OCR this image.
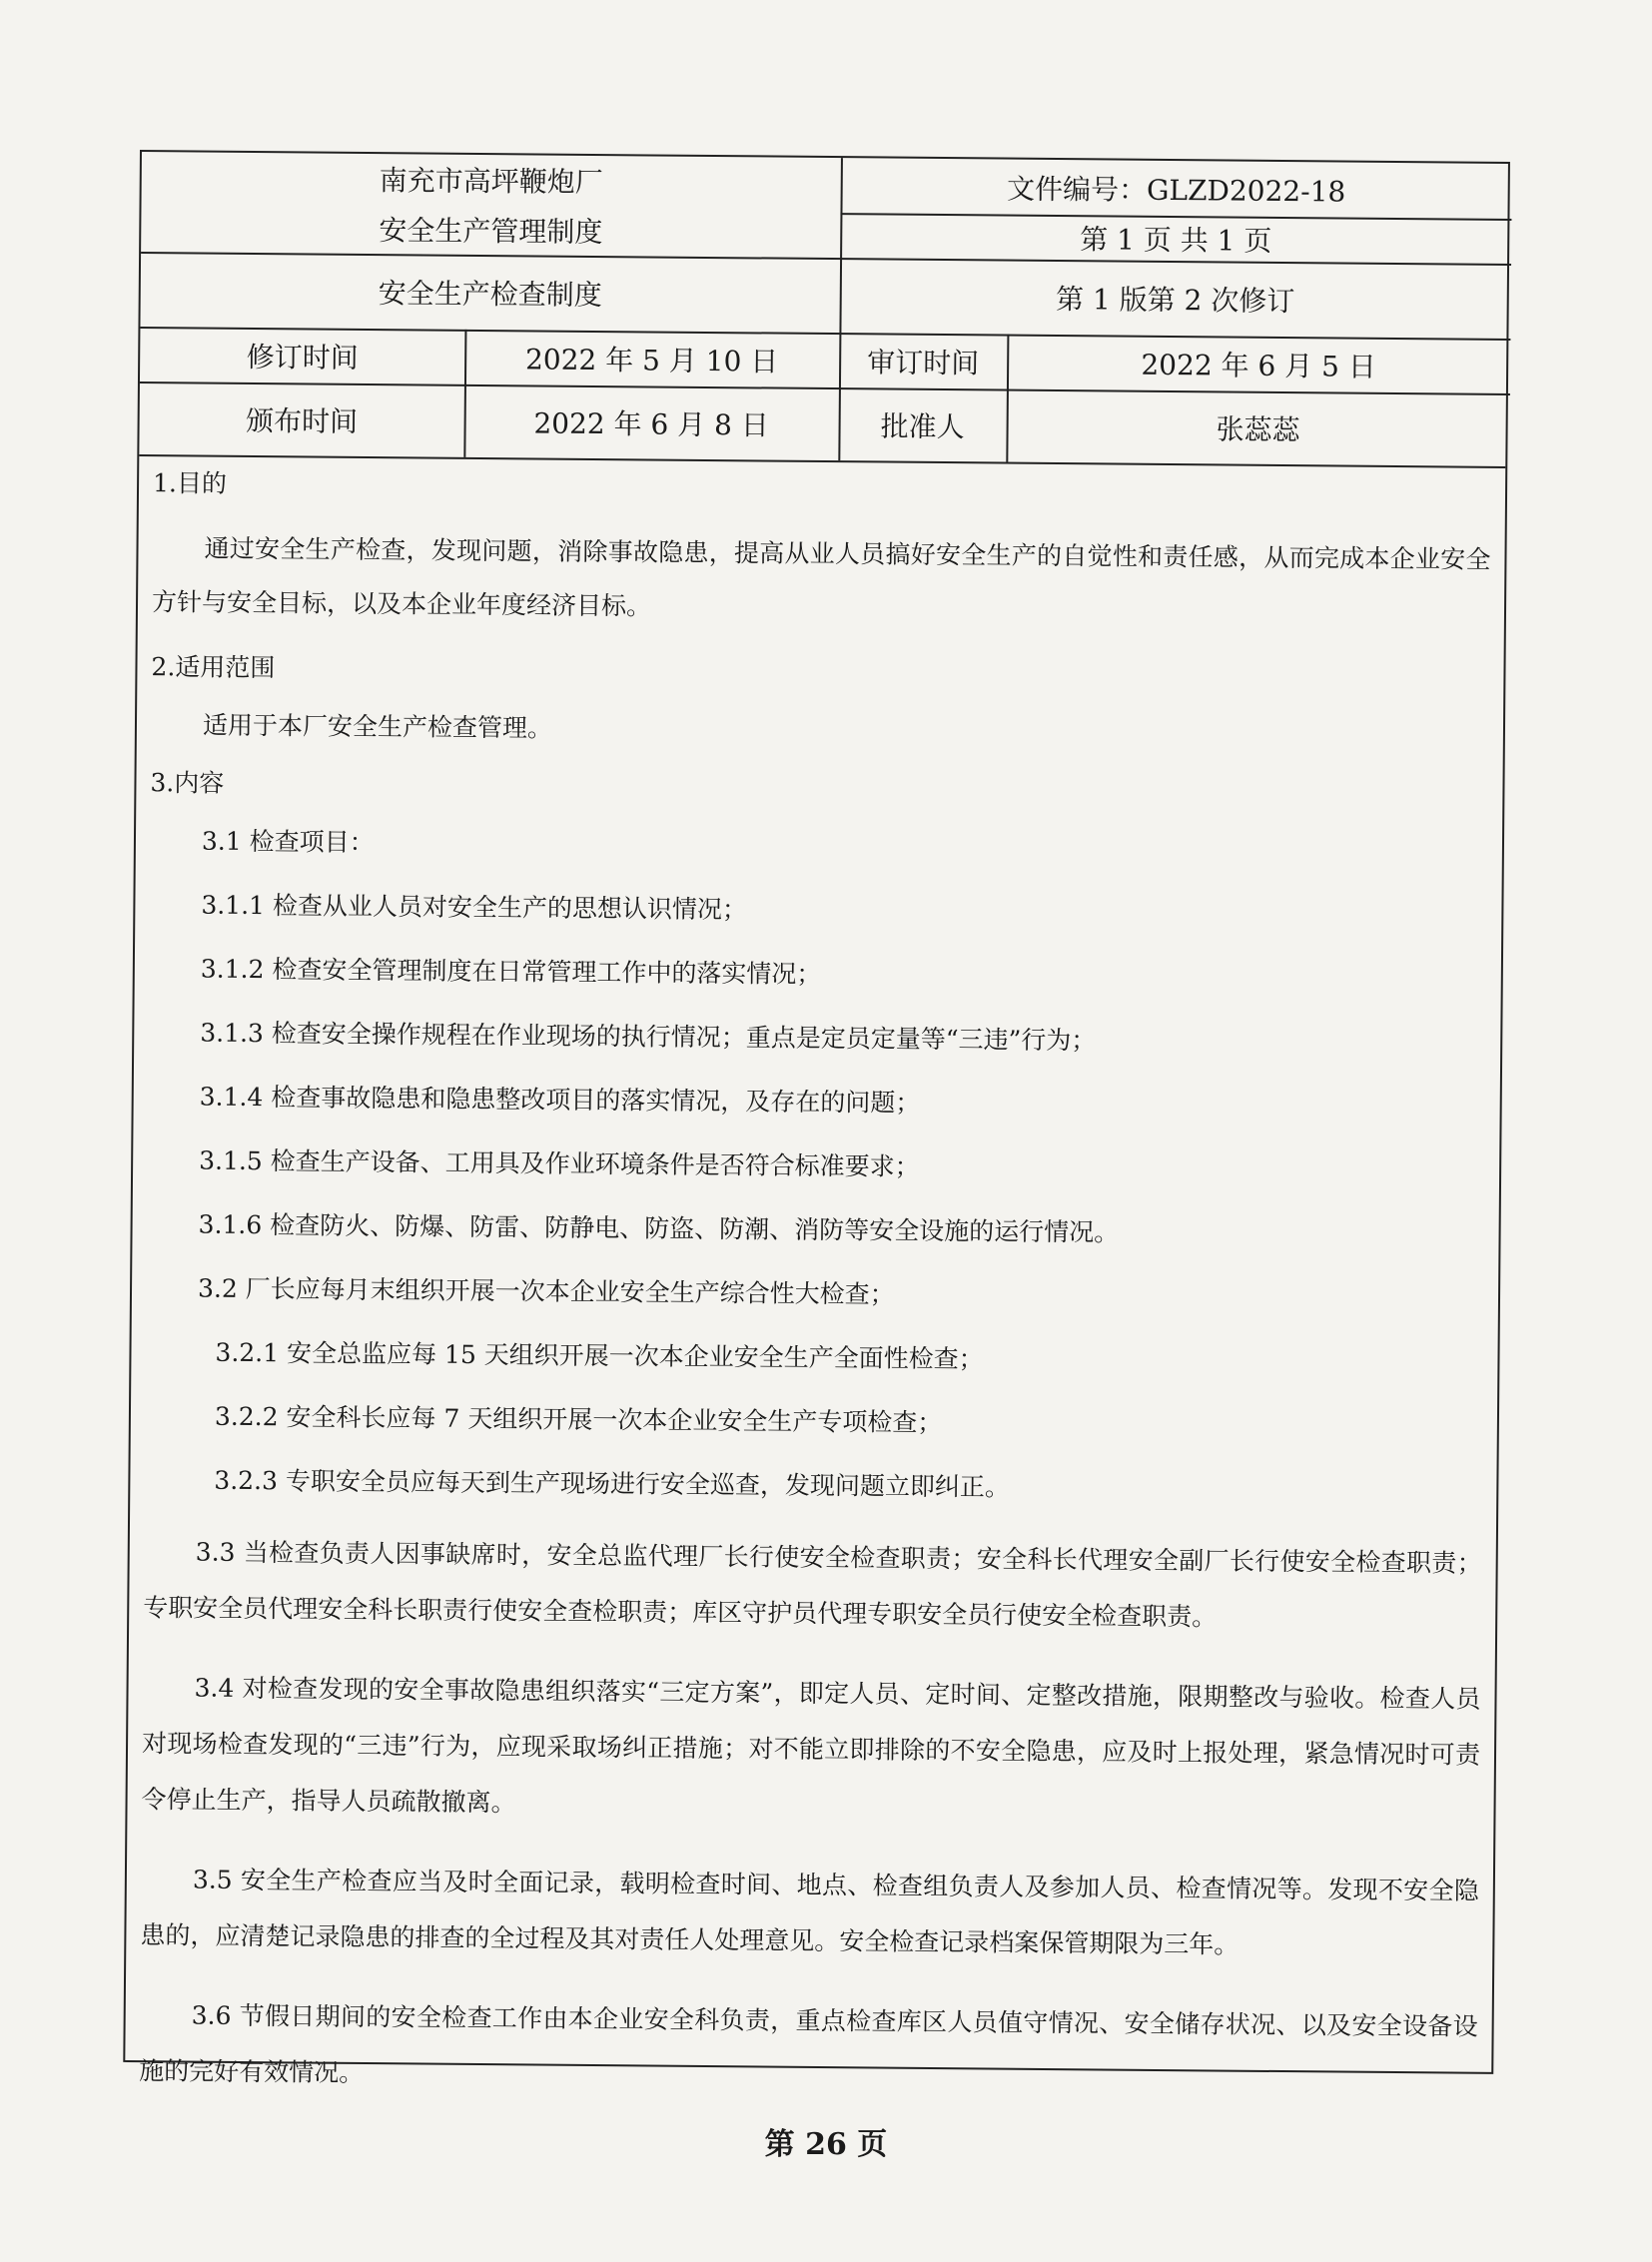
南充市高坪鞭炮厂
安全生产管理制度
文件编号：GLZD2022-18
第 1 页 共 1 页
安全生产检查制度	第 1 版第 2 次修订
修订时间	2022 年 5 月 10 日	审订时间	2022 年 6 月 5 日
颁布时间	2022 年 6 月 8 日	批准人	张蕊蕊
1.目的
通过安全生产检查，发现问题，消除事故隐患，提高从业人员搞好安全生产的自觉性和责任感，从而完成本企业安全方针与安全目标，以及本企业年度经济目标。
2.适用范围
适用于本厂安全生产检查管理。
3.内容
3.1 检查项目：
3.1.1 检查从业人员对安全生产的思想认识情况；
3.1.2 检查安全管理制度在日常管理工作中的落实情况；
3.1.3 检查安全操作规程在作业现场的执行情况；重点是定员定量等“三违”行为；
3.1.4 检查事故隐患和隐患整改项目的落实情况，及存在的问题；
3.1.5 检查生产设备、工用具及作业环境条件是否符合标准要求；
3.1.6 检查防火、防爆、防雷、防静电、防盗、防潮、消防等安全设施的运行情况。
3.2 厂长应每月末组织开展一次本企业安全生产综合性大检查；
3.2.1 安全总监应每 15 天组织开展一次本企业安全生产全面性检查；
3.2.2 安全科长应每 7 天组织开展一次本企业安全生产专项检查；
3.2.3 专职安全员应每天到生产现场进行安全巡查，发现问题立即纠正。
3.3 当检查负责人因事缺席时，安全总监代理厂长行使安全检查职责；安全科长代理安全副厂长行使安全检查职责；专职安全员代理安全科长职责行使安全查检职责；库区守护员代理专职安全员行使安全检查职责。
3.4 对检查发现的安全事故隐患组织落实“三定方案”，即定人员、定时间、定整改措施，限期整改与验收。检查人员对现场检查发现的“三违”行为，应现采取场纠正措施；对不能立即排除的不安全隐患，应及时上报处理，紧急情况时可责令停止生产，指导人员疏散撤离。
3.5 安全生产检查应当及时全面记录，载明检查时间、地点、检查组负责人及参加人员、检查情况等。发现不安全隐患的，应清楚记录隐患的排查的全过程及其对责任人处理意见。安全检查记录档案保管期限为三年。
3.6 节假日期间的安全检查工作由本企业安全科负责，重点检查库区人员值守情况、安全储存状况、以及安全设备设施的完好有效情况。
第 26 页
